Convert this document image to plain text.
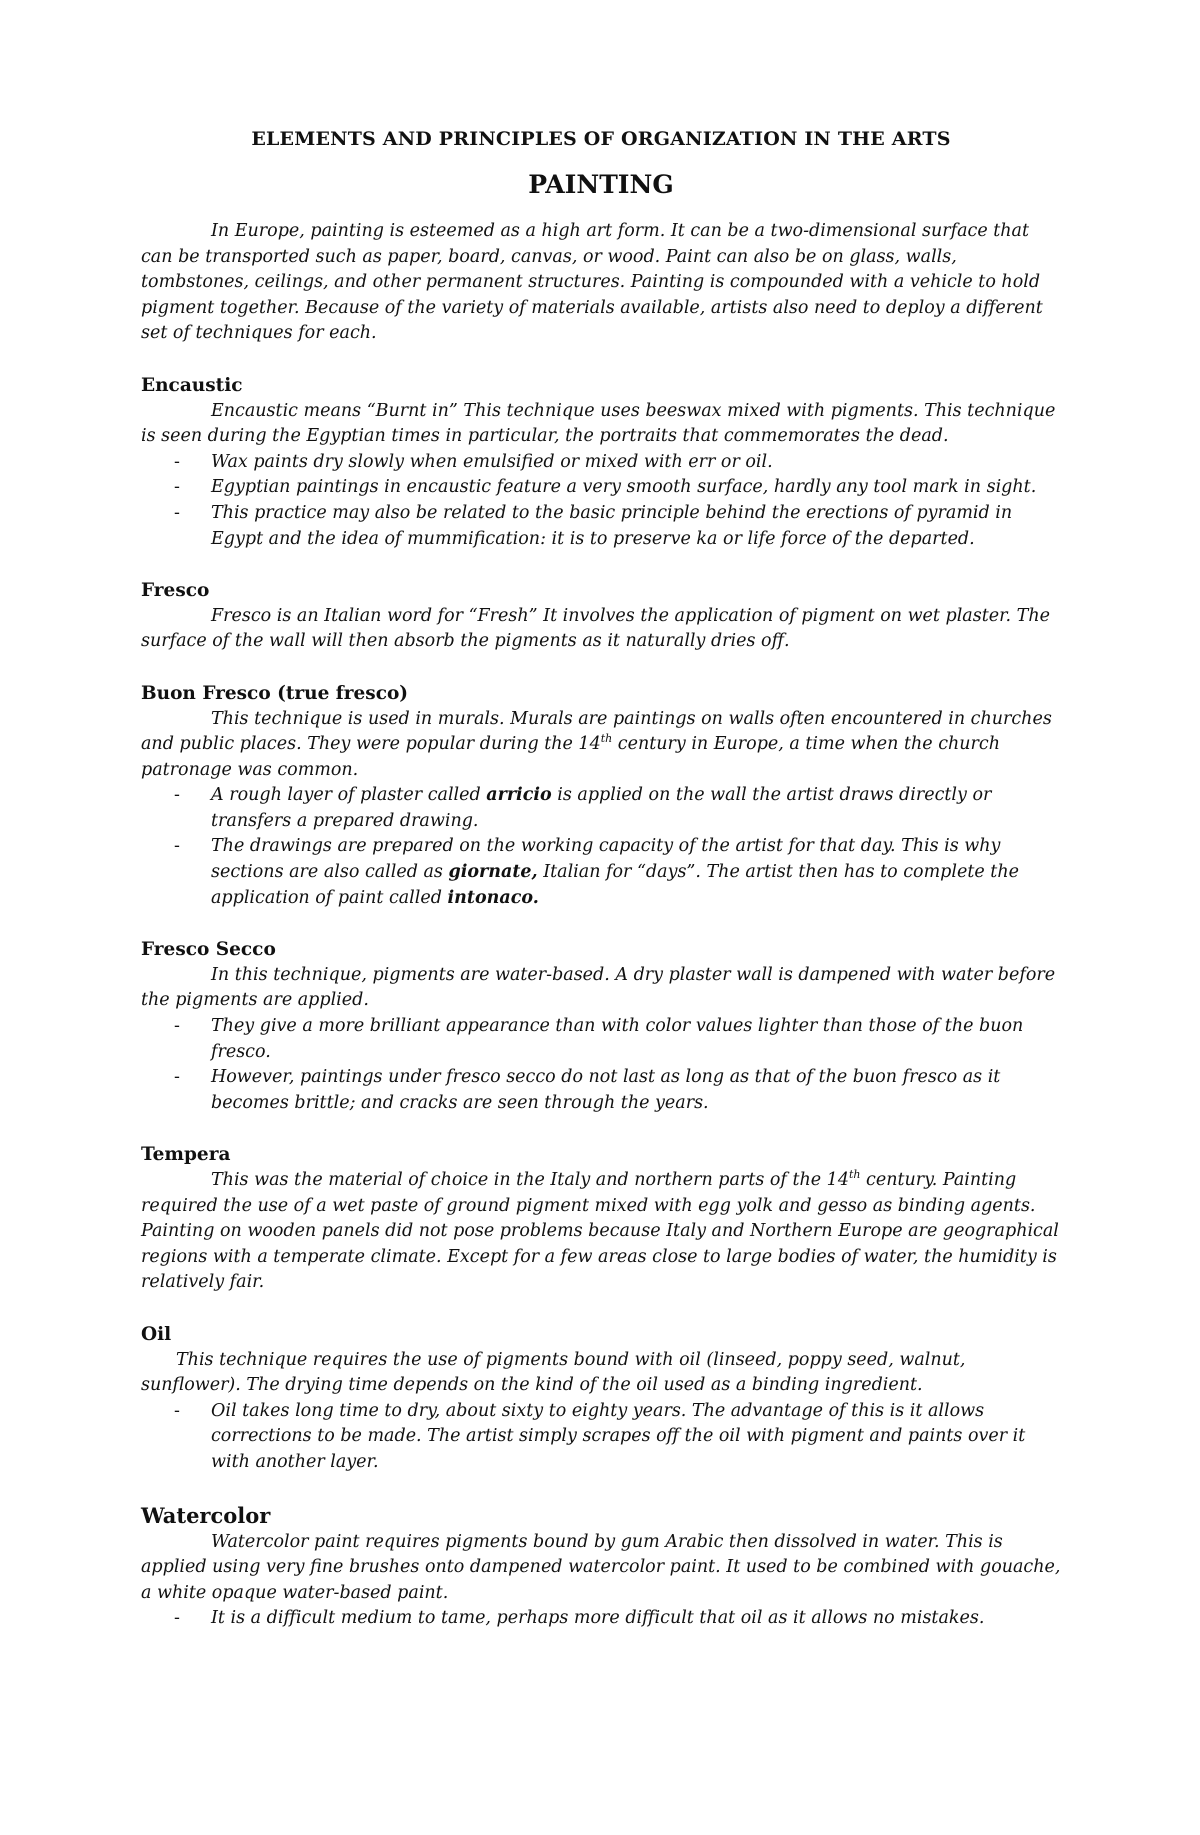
ELEMENTS AND PRINCIPLES OF ORGANIZATION IN THE ARTS
PAINTING

In Europe, painting is esteemed as a high art form. It can be a two-dimensional surface that can be transported such as paper, board, canvas, or wood. Paint can also be on glass, walls, tombstones, ceilings, and other permanent structures. Painting is compounded with a vehicle to hold pigment together. Because of the variety of materials available, artists also need to deploy a different set of techniques for each.

Encaustic

Encaustic means “Burnt in” This technique uses beeswax mixed with pigments. This technique is seen during the Egyptian times in particular, the portraits that commemorates the dead.

- Wax paints dry slowly when emulsified or mixed with err or oil.
- Egyptian paintings in encaustic feature a very smooth surface, hardly any tool mark in sight.
- This practice may also be related to the basic principle behind the erections of pyramid in Egypt and the idea of mummification: it is to preserve ka or life force of the departed.

Fresco

Fresco is an Italian word for “Fresh” It involves the application of pigment on wet plaster. The surface of the wall will then absorb the pigments as it naturally dries off.

Buon Fresco (true fresco)

This technique is used in murals. Murals are paintings on walls often encountered in churches and public places. They were popular during the 14th century in Europe, a time when the church patronage was common.

- A rough layer of plaster called arricio is applied on the wall the artist draws directly or transfers a prepared drawing.
- The drawings are prepared on the working capacity of the artist for that day. This is why sections are also called as giornate, Italian for “days”. The artist then has to complete the application of paint called intonaco.

Fresco Secco

In this technique, pigments are water-based. A dry plaster wall is dampened with water before the pigments are applied.

- They give a more brilliant appearance than with color values lighter than those of the buon fresco.
- However, paintings under fresco secco do not last as long as that of the buon fresco as it becomes brittle; and cracks are seen through the years.

Tempera

This was the material of choice in the Italy and northern parts of the 14th century. Painting required the use of a wet paste of ground pigment mixed with egg yolk and gesso as binding agents. Painting on wooden panels did not pose problems because Italy and Northern Europe are geographical regions with a temperate climate. Except for a few areas close to large bodies of water, the humidity is relatively fair.

Oil

This technique requires the use of pigments bound with oil (linseed, poppy seed, walnut, sunflower). The drying time depends on the kind of the oil used as a binding ingredient.

- Oil takes long time to dry, about sixty to eighty years. The advantage of this is it allows corrections to be made. The artist simply scrapes off the oil with pigment and paints over it with another layer.

Watercolor

Watercolor paint requires pigments bound by gum Arabic then dissolved in water. This is applied using very fine brushes onto dampened watercolor paint. It used to be combined with gouache, a white opaque water-based paint.

- It is a difficult medium to tame, perhaps more difficult that oil as it allows no mistakes.
